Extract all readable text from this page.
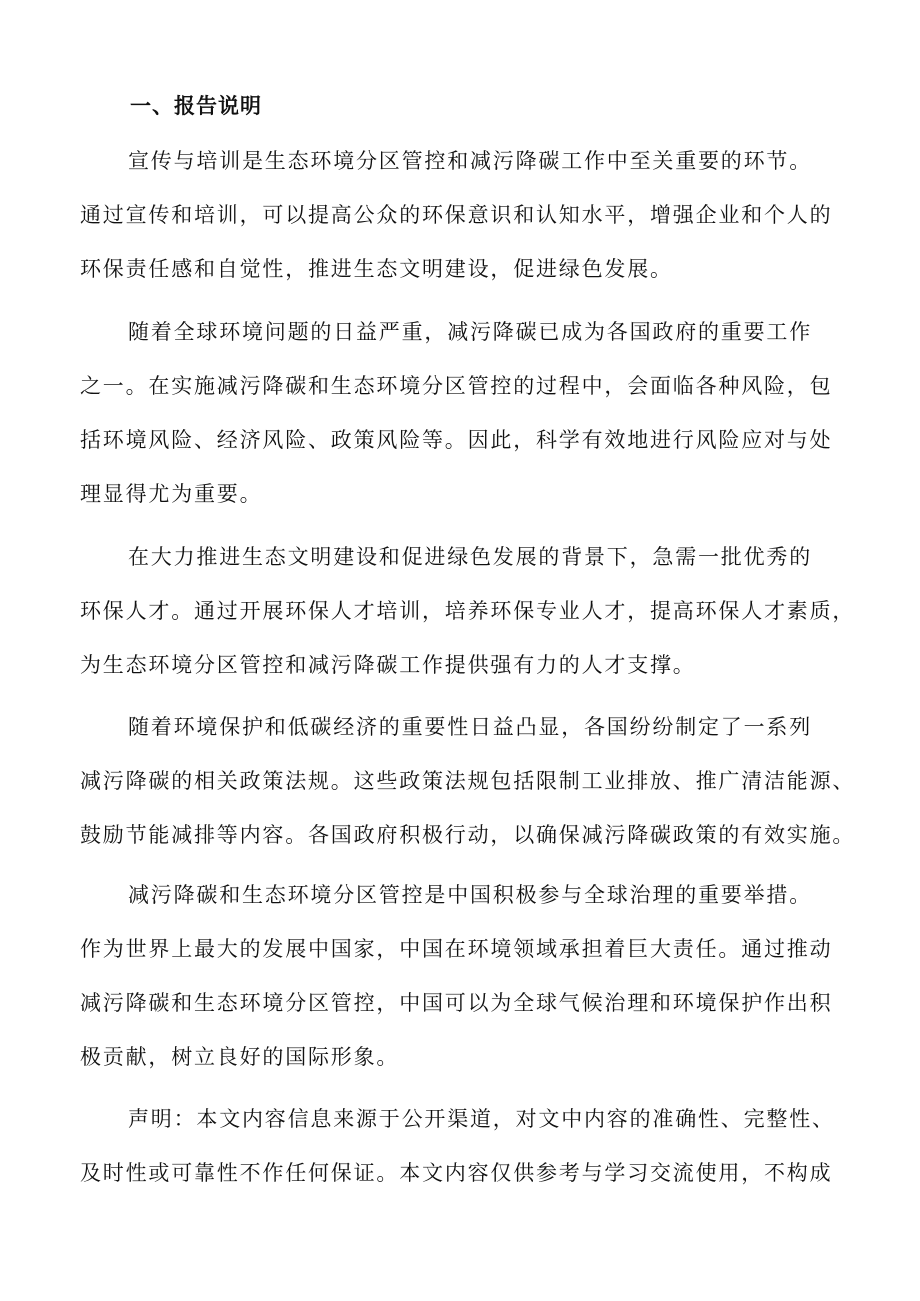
一、报告说明
宣传与培训是生态环境分区管控和减污降碳工作中至关重要的环节。
通过宣传和培训，可以提高公众的环保意识和认知水平，增强企业和个人的
环保责任感和自觉性，推进生态文明建设，促进绿色发展。
随着全球环境问题的日益严重，减污降碳已成为各国政府的重要工作
之一。在实施减污降碳和生态环境分区管控的过程中，会面临各种风险，包
括环境风险、经济风险、政策风险等。因此，科学有效地进行风险应对与处
理显得尤为重要。
在大力推进生态文明建设和促进绿色发展的背景下，急需一批优秀的
环保人才。通过开展环保人才培训，培养环保专业人才，提高环保人才素质，
为生态环境分区管控和减污降碳工作提供强有力的人才支撑。
随着环境保护和低碳经济的重要性日益凸显，各国纷纷制定了一系列
减污降碳的相关政策法规。这些政策法规包括限制工业排放、推广清洁能源、
鼓励节能减排等内容。各国政府积极行动，以确保减污降碳政策的有效实施。
减污降碳和生态环境分区管控是中国积极参与全球治理的重要举措。
作为世界上最大的发展中国家，中国在环境领域承担着巨大责任。通过推动
减污降碳和生态环境分区管控，中国可以为全球气候治理和环境保护作出积
极贡献，树立良好的国际形象。
声明：本文内容信息来源于公开渠道，对文中内容的准确性、完整性、
及时性或可靠性不作任何保证。本文内容仅供参考与学习交流使用，不构成
